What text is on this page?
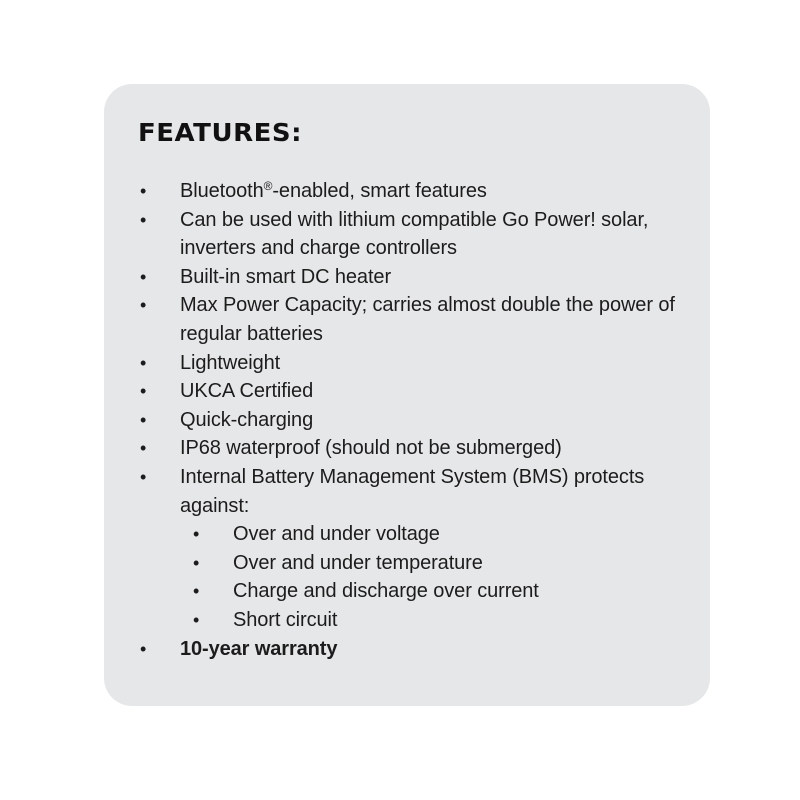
FEATURES:
• Bluetooth®-enabled, smart features
• Can be used with lithium compatible Go Power! solar, inverters and charge controllers
• Built-in smart DC heater
• Max Power Capacity; carries almost double the power of regular batteries
• Lightweight
• UKCA Certified
• Quick-charging
• IP68 waterproof (should not be submerged)
• Internal Battery Management System (BMS) protects against:
• Over and under voltage
• Over and under temperature
• Charge and discharge over current
• Short circuit
• 10-year warranty
